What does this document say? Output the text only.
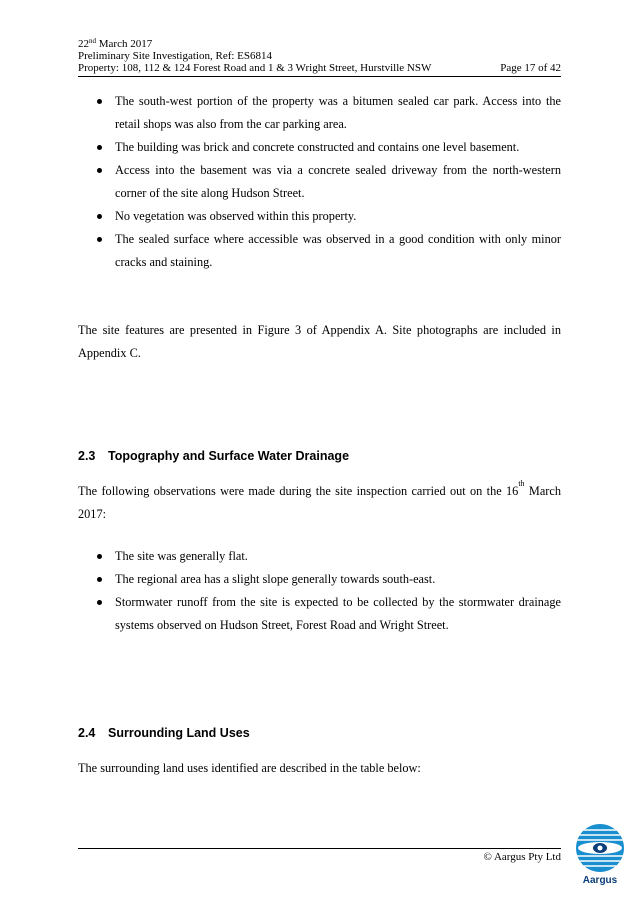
22nd March 2017
Preliminary Site Investigation, Ref: ES6814
Property: 108, 112 & 124 Forest Road and 1 & 3 Wright Street, Hurstville NSW	Page 17 of 42
The south-west portion of the property was a bitumen sealed car park. Access into the retail shops was also from the car parking area.
The building was brick and concrete constructed and contains one level basement.
Access into the basement was via a concrete sealed driveway from the north-western corner of the site along Hudson Street.
No vegetation was observed within this property.
The sealed surface where accessible was observed in a good condition with only minor cracks and staining.

The site features are presented in Figure 3 of Appendix A. Site photographs are included in Appendix C.

2.3 Topography and Surface Water Drainage

The following observations were made during the site inspection carried out on the 16th March 2017:

The site was generally flat.
The regional area has a slight slope generally towards south-east.
Stormwater runoff from the site is expected to be collected by the stormwater drainage systems observed on Hudson Street, Forest Road and Wright Street.
2.4 Surrounding Land Uses

The surrounding land uses identified are described in the table below:

© Aargus Pty Ltd
Aargus
